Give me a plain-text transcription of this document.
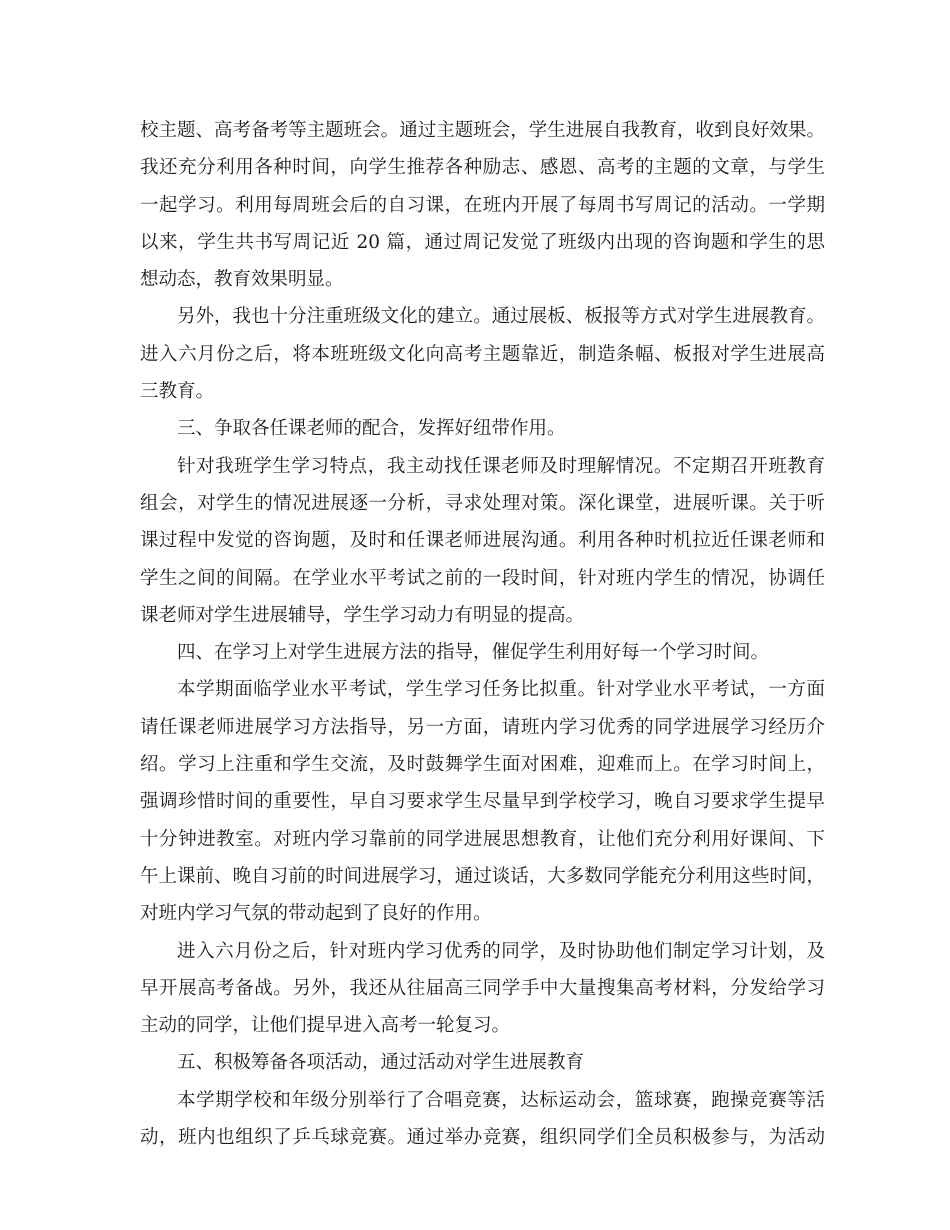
校主题、高考备考等主题班会。通过主题班会，学生进展自我教育，收到良好效果。
我还充分利用各种时间，向学生推荐各种励志、感恩、高考的主题的文章，与学生
一起学习。利用每周班会后的自习课，在班内开展了每周书写周记的活动。一学期
以来，学生共书写周记近 20 篇，通过周记发觉了班级内出现的咨询题和学生的思
想动态，教育效果明显。
另外，我也十分注重班级文化的建立。通过展板、板报等方式对学生进展教育。
进入六月份之后，将本班班级文化向高考主题靠近，制造条幅、板报对学生进展高
三教育。
三、争取各任课老师的配合，发挥好纽带作用。
针对我班学生学习特点，我主动找任课老师及时理解情况。不定期召开班教育
组会，对学生的情况进展逐一分析，寻求处理对策。深化课堂，进展听课。关于听
课过程中发觉的咨询题，及时和任课老师进展沟通。利用各种时机拉近任课老师和
学生之间的间隔。在学业水平考试之前的一段时间，针对班内学生的情况，协调任
课老师对学生进展辅导，学生学习动力有明显的提高。
四、在学习上对学生进展方法的指导，催促学生利用好每一个学习时间。
本学期面临学业水平考试，学生学习任务比拟重。针对学业水平考试，一方面
请任课老师进展学习方法指导，另一方面，请班内学习优秀的同学进展学习经历介
绍。学习上注重和学生交流，及时鼓舞学生面对困难，迎难而上。在学习时间上，
强调珍惜时间的重要性，早自习要求学生尽量早到学校学习，晚自习要求学生提早
十分钟进教室。对班内学习靠前的同学进展思想教育，让他们充分利用好课间、下
午上课前、晚自习前的时间进展学习，通过谈话，大多数同学能充分利用这些时间，
对班内学习气氛的带动起到了良好的作用。
进入六月份之后，针对班内学习优秀的同学，及时协助他们制定学习计划，及
早开展高考备战。另外，我还从往届高三同学手中大量搜集高考材料，分发给学习
主动的同学，让他们提早进入高考一轮复习。
五、积极筹备各项活动，通过活动对学生进展教育
本学期学校和年级分别举行了合唱竞赛，达标运动会，篮球赛，跑操竞赛等活
动，班内也组织了乒乓球竞赛。通过举办竞赛，组织同学们全员积极参与，为活动
